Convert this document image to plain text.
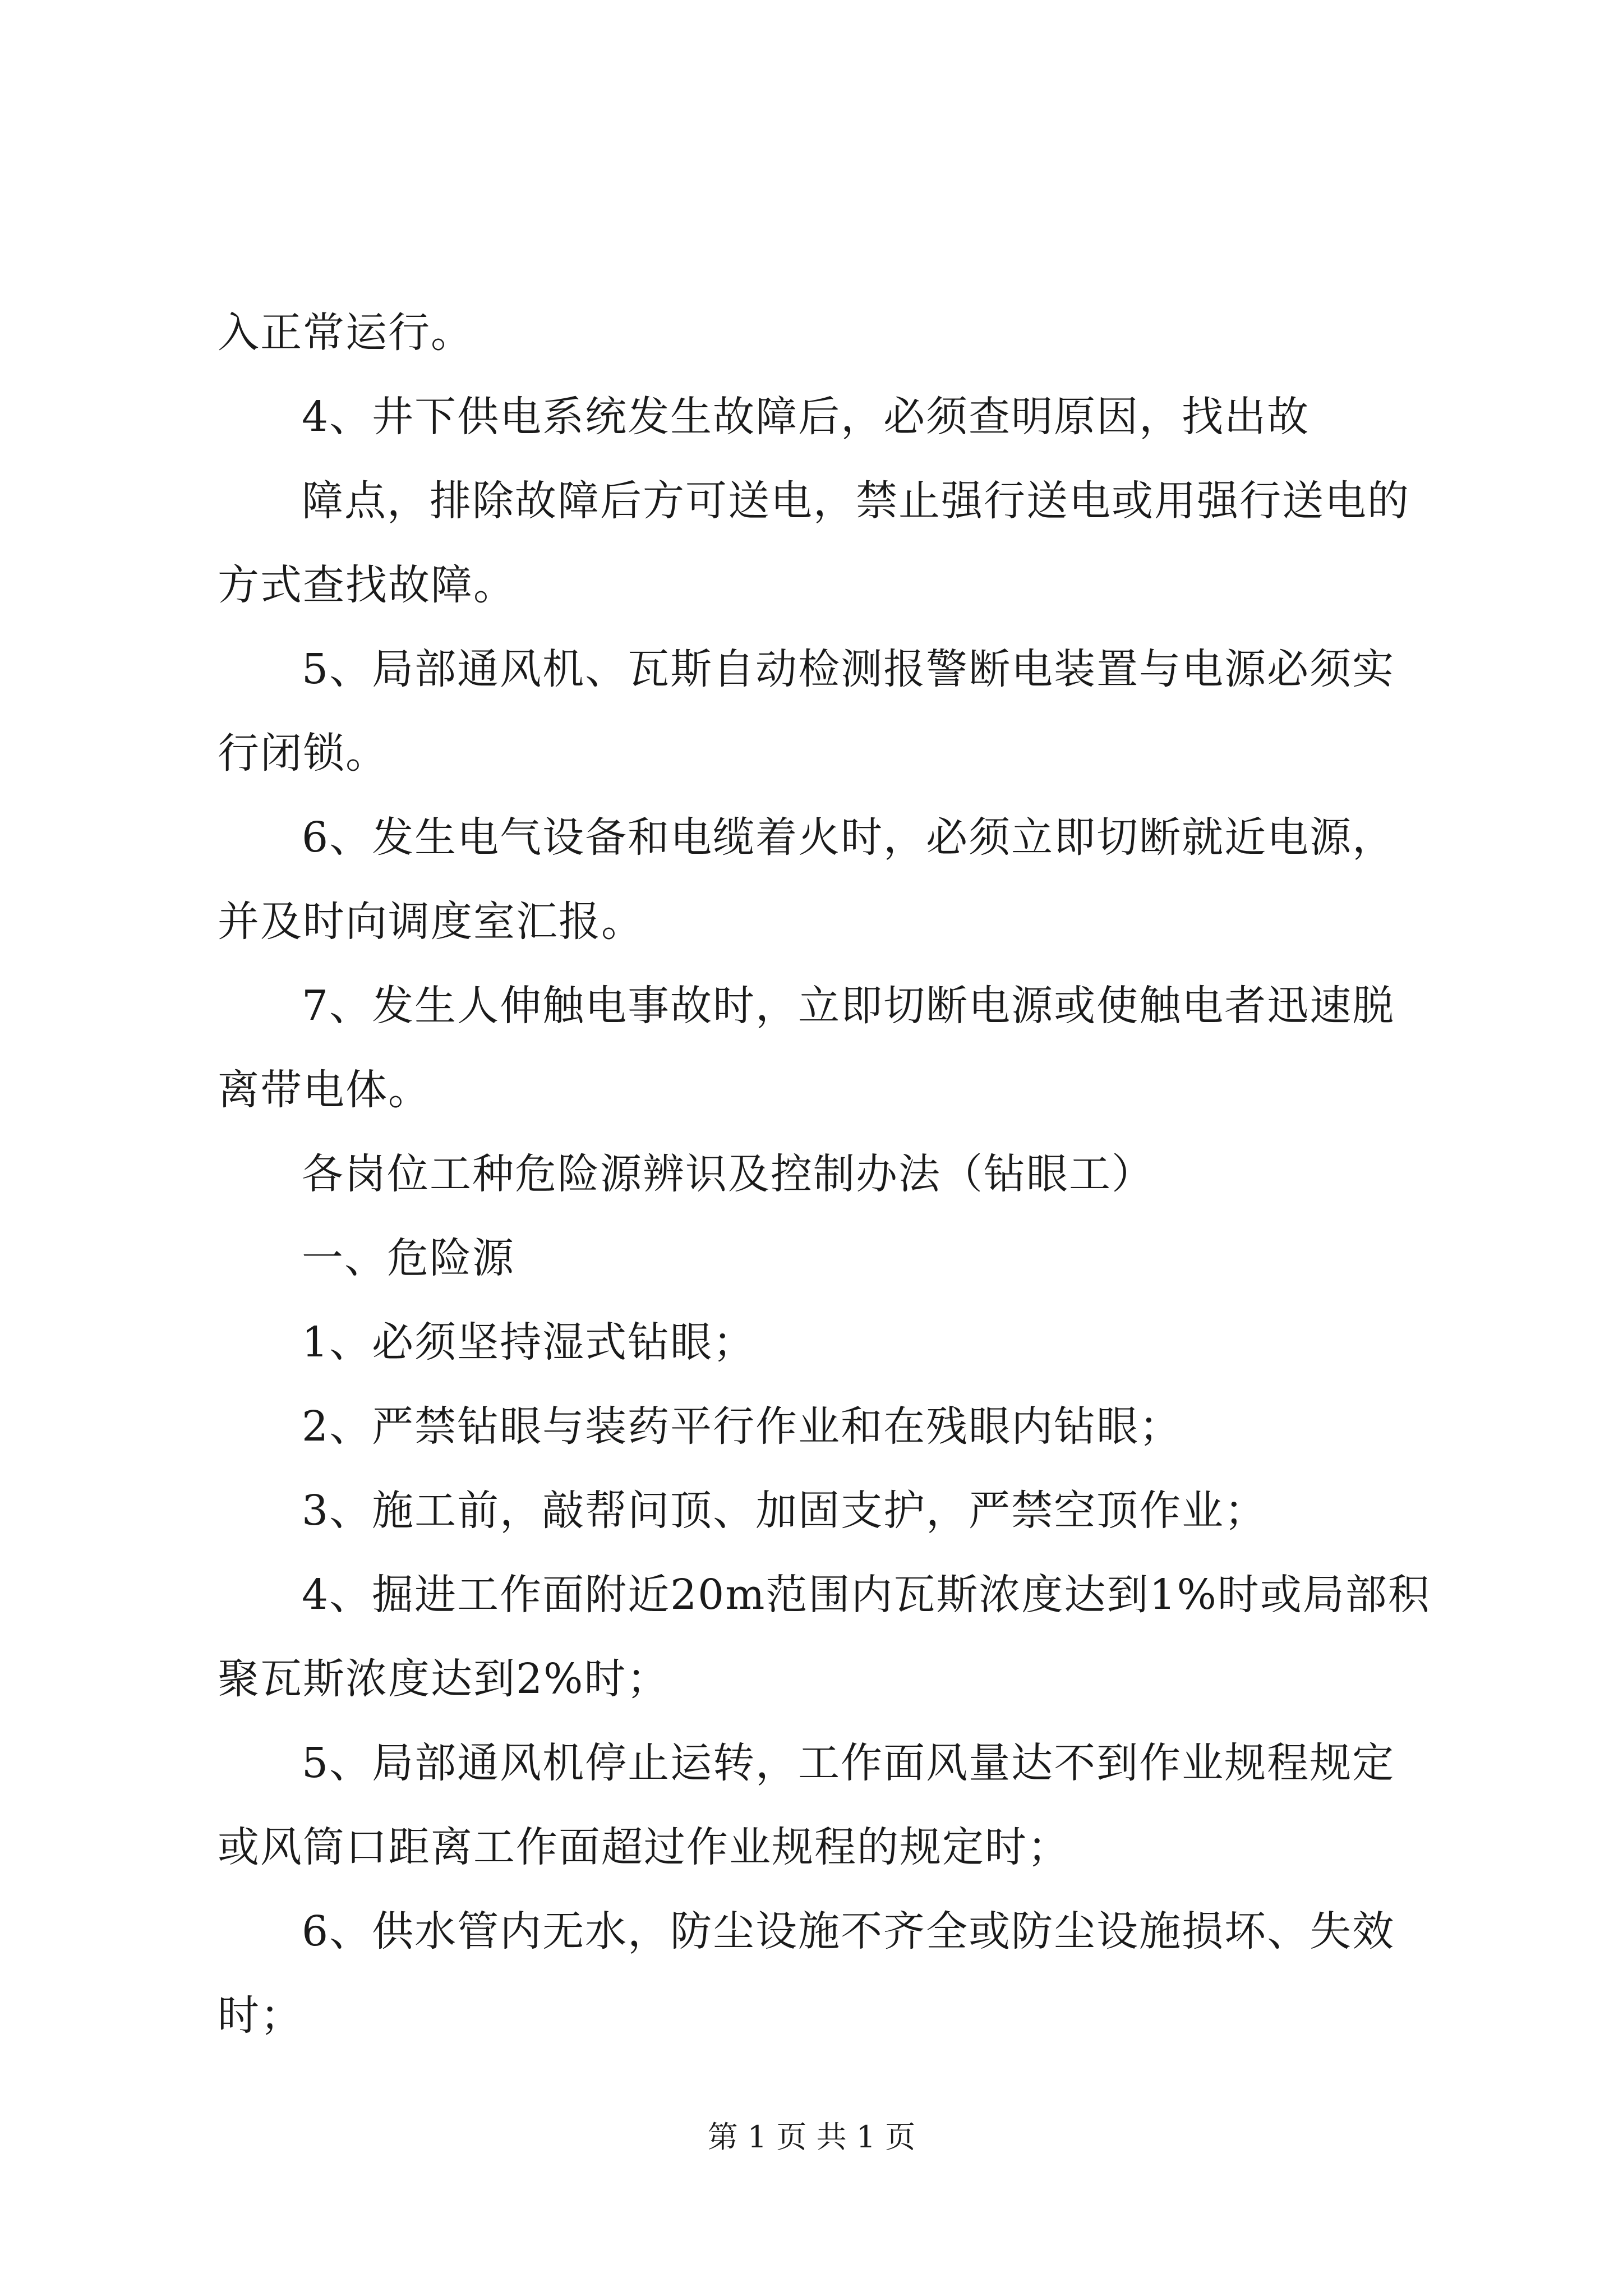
入正常运行。
4、井下供电系统发生故障后，必须查明原因，找出故
障点，排除故障后方可送电，禁止强行送电或用强行送电的
方式查找故障。
5、局部通风机、瓦斯自动检测报警断电装置与电源必须实
行闭锁。
6、发生电气设备和电缆着火时，必须立即切断就近电源，
并及时向调度室汇报。
7、发生人伸触电事故时，立即切断电源或使触电者迅速脱
离带电体。
各岗位工种危险源辨识及控制办法（钻眼工）
一、危险源
1、必须坚持湿式钻眼；
2、严禁钻眼与装药平行作业和在残眼内钻眼；
3、施工前，敲帮问顶、加固支护，严禁空顶作业；
4、掘进工作面附近20m范围内瓦斯浓度达到1%时或局部积
聚瓦斯浓度达到2%时；
5、局部通风机停止运转，工作面风量达不到作业规程规定
或风筒口距离工作面超过作业规程的规定时；
6、供水管内无水，防尘设施不齐全或防尘设施损坏、失效
时；
第 1 页 共 1 页
